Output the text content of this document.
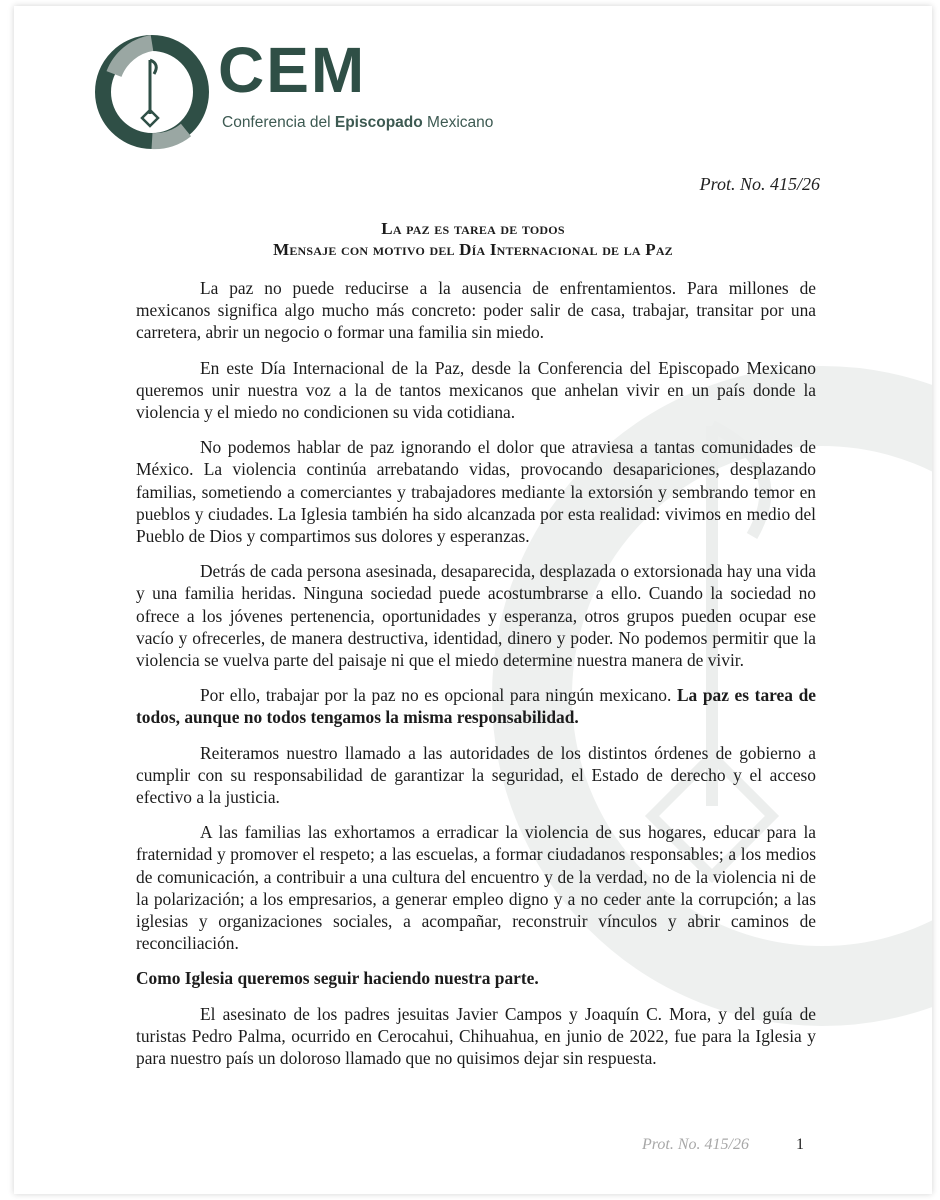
CEM
Conferencia del Episcopado Mexicano
Prot. No. 415/26
La paz es tarea de todos
Mensaje con motivo del Día Internacional de la Paz

La paz no puede reducirse a la ausencia de enfrentamientos. Para millones de mexicanos significa algo mucho más concreto: poder salir de casa, trabajar, transitar por una carretera, abrir un negocio o formar una familia sin miedo.

En este Día Internacional de la Paz, desde la Conferencia del Episcopado Mexicano queremos unir nuestra voz a la de tantos mexicanos que anhelan vivir en un país donde la violencia y el miedo no condicionen su vida cotidiana.

No podemos hablar de paz ignorando el dolor que atraviesa a tantas comunidades de México. La violencia continúa arrebatando vidas, provocando desapariciones, desplazando familias, sometiendo a comerciantes y trabajadores mediante la extorsión y sembrando temor en pueblos y ciudades. La Iglesia también ha sido alcanzada por esta realidad: vivimos en medio del Pueblo de Dios y compartimos sus dolores y esperanzas.

Detrás de cada persona asesinada, desaparecida, desplazada o extorsionada hay una vida y una familia heridas. Ninguna sociedad puede acostumbrarse a ello. Cuando la sociedad no ofrece a los jóvenes pertenencia, oportunidades y esperanza, otros grupos pueden ocupar ese vacío y ofrecerles, de manera destructiva, identidad, dinero y poder. No podemos permitir que la violencia se vuelva parte del paisaje ni que el miedo determine nuestra manera de vivir.

Por ello, trabajar por la paz no es opcional para ningún mexicano. La paz es tarea de todos, aunque no todos tengamos la misma responsabilidad.

Reiteramos nuestro llamado a las autoridades de los distintos órdenes de gobierno a cumplir con su responsabilidad de garantizar la seguridad, el Estado de derecho y el acceso efectivo a la justicia.

A las familias las exhortamos a erradicar la violencia de sus hogares, educar para la fraternidad y promover el respeto; a las escuelas, a formar ciudadanos responsables; a los medios de comunicación, a contribuir a una cultura del encuentro y de la verdad, no de la violencia ni de la polarización; a los empresarios, a generar empleo digno y a no ceder ante la corrupción; a las iglesias y organizaciones sociales, a acompañar, reconstruir vínculos y abrir caminos de reconciliación.

Como Iglesia queremos seguir haciendo nuestra parte.

El asesinato de los padres jesuitas Javier Campos y Joaquín C. Mora, y del guía de turistas Pedro Palma, ocurrido en Cerocahui, Chihuahua, en junio de 2022, fue para la Iglesia y para nuestro país un doloroso llamado que no quisimos dejar sin respuesta.

Prot. No. 415/26	1
